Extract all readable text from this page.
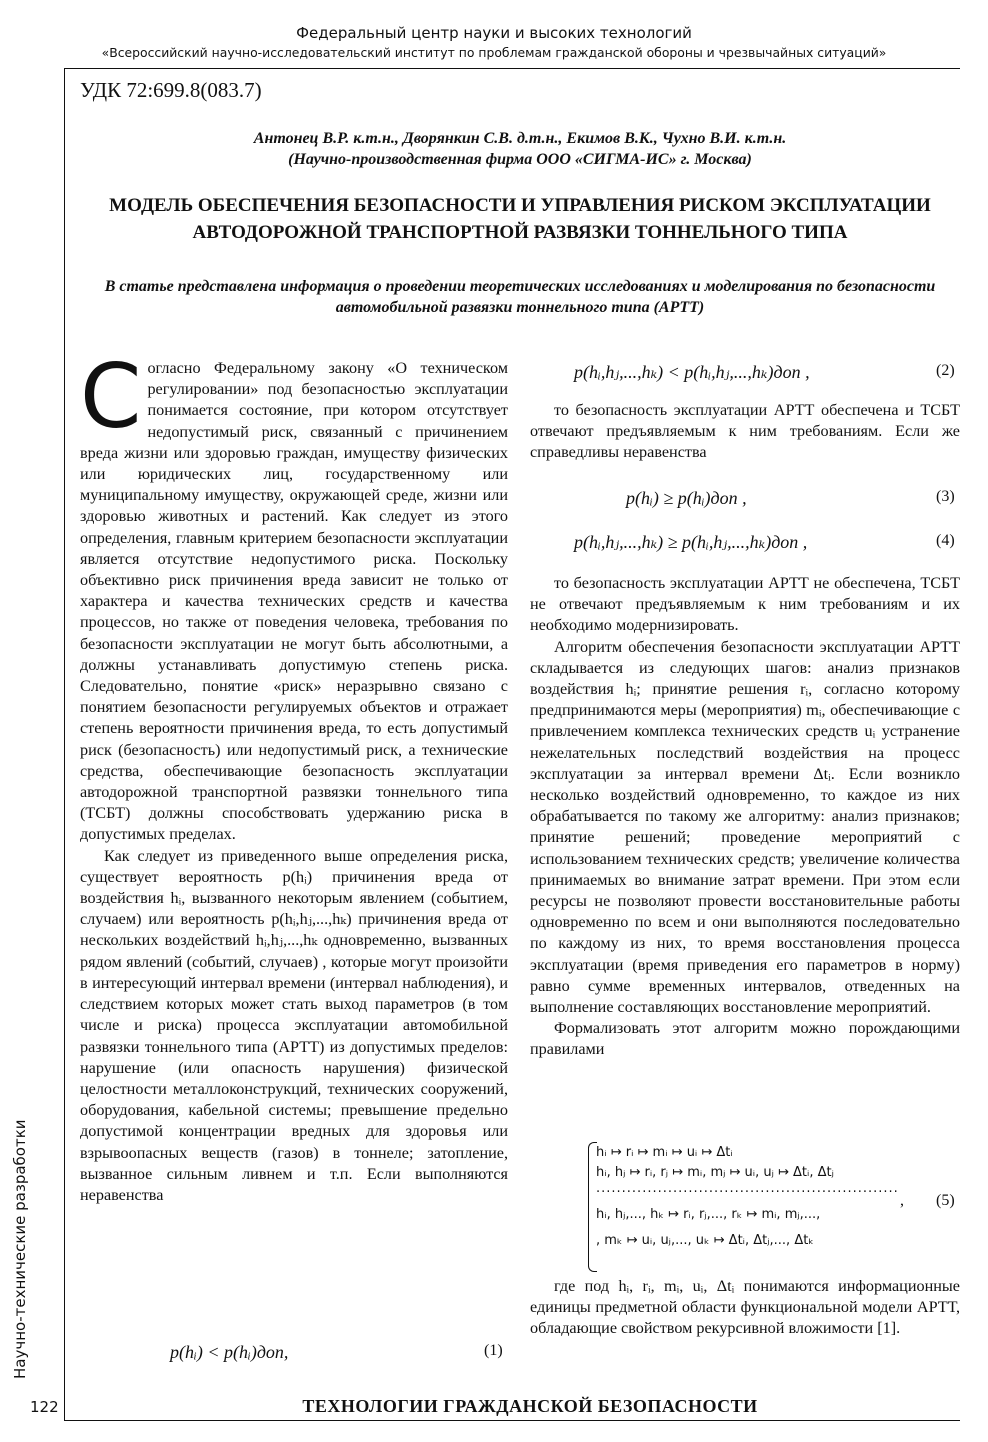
Федеральный центр науки и высоких технологий
«Всероссийский научно-исследовательский институт по проблемам гражданской обороны и чрезвычайных ситуаций»
УДК 72:699.8(083.7)
Антонец В.Р. к.т.н., Дворянкин С.В. д.т.н., Екимов В.К., Чухно В.И. к.т.н.
(Научно-производственная фирма ООО «СИГМА-ИС» г. Москва)
МОДЕЛЬ ОБЕСПЕЧЕНИЯ БЕЗОПАСНОСТИ И УПРАВЛЕНИЯ РИСКОМ ЭКСПЛУАТАЦИИ
АВТОДОРОЖНОЙ ТРАНСПОРТНОЙ РАЗВЯЗКИ ТОННЕЛЬНОГО ТИПА
В статье представлена информация о проведении теоретических исследованиях и моделирования по безопасности автомобильной развязки тоннельного типа (АРТТ)

Согласно Федеральному закону «О техническом регулировании» под безопасностью эксплуатации понимается состояние, при котором отсутствует недопустимый риск, связанный с причинением вреда жизни или здоровью граждан, имуществу физических или юридических лиц, государственному или муниципальному имуществу, окружающей среде, жизни или здоровью животных и растений. Как следует из этого определения, главным критерием безопасности эксплуатации является отсутствие недопустимого риска. Поскольку объективно риск причинения вреда зависит не только от характера и качества технических средств и качества процессов, но также от поведения человека, требования по безопасности эксплуатации не могут быть абсолютными, а должны устанавливать допустимую степень риска. Следовательно, понятие «риск» неразрывно связано с понятием безопасности регулируемых объектов и отражает степень вероятности причинения вреда, то есть допустимый риск (безопасность) или недопустимый риск, а технические средства, обеспечивающие безопасность эксплуатации автодорожной транспортной развязки тоннельного типа (ТСБТ) должны способствовать удержанию риска в допустимых пределах.

Как следует из приведенного выше определения риска, существует вероятность p(hᵢ) причинения вреда от воздействия hᵢ, вызванного некоторым явлением (событием, случаем) или вероятность p(hᵢ,hⱼ,...,hₖ) причинения вреда от нескольких воздействий hᵢ,hⱼ,...,hₖ одновременно, вызванных рядом явлений (событий, случаев) , которые могут произойти в интересующий интервал времени (интервал наблюдения), и следствием которых может стать выход параметров (в том числе и риска) процесса эксплуатации автомобильной развязки тоннельного типа (АРТТ) из допустимых пределов: нарушение (или опасность нарушения) физической целостности металлоконструкций, технических сооружений, оборудования, кабельной системы; превышение предельно допустимой концентрации вредных для здоровья или взрывоопасных веществ (газов) в тоннеле; затопление, вызванное сильным ливнем и т.п. Если выполняются неравенства

p(hᵢ) < p(hᵢ)доп,	(1)
p(hᵢ,hⱼ,...,hₖ) < p(hᵢ,hⱼ,...,hₖ)доп ,	(2)

то безопасность эксплуатации АРТТ обеспечена и ТСБТ отвечают предъявляемым к ним требованиям. Если же справедливы неравенства

p(hᵢ) ≥ p(hᵢ)доп ,	(3)
p(hᵢ,hⱼ,...,hₖ) ≥ p(hᵢ,hⱼ,...,hₖ)доп ,	(4)

то безопасность эксплуатации АРТТ не обеспечена, ТСБТ не отвечают предъявляемым к ним требованиям и их необходимо модернизировать.

Алгоритм обеспечения безопасности эксплуатации АРТТ складывается из следующих шагов: анализ признаков воздействия hᵢ; принятие решения rᵢ, согласно которому предпринимаются меры (мероприятия) mᵢ, обеспечивающие с привлечением комплекса технических средств uᵢ устранение нежелательных последствий воздействия на процесс эксплуатации за интервал времени Δtᵢ. Если возникло несколько воздействий одновременно, то каждое из них обрабатывается по такому же алгоритму: анализ признаков; принятие решений; проведение мероприятий с использованием технических средств; увеличение количества принимаемых во внимание затрат времени. При этом если ресурсы не позволяют провести восстановительные работы одновременно по всем и они выполняются последовательно по каждому из них, то время восстановления процесса эксплуатации (время приведения его параметров в норму) равно сумме временных интервалов, отведенных на выполнение составляющих восстановление мероприятий.

Формализовать этот алгоритм можно порождающими правилами

hᵢ ↦ rᵢ ↦ mᵢ ↦ uᵢ ↦ Δtᵢ
hᵢ, hⱼ ↦ rᵢ, rⱼ ↦ mᵢ, mⱼ ↦ uᵢ, uⱼ ↦ Δtᵢ, Δtⱼ
...........................................................
hᵢ, hⱼ,..., hₖ ↦ rᵢ, rⱼ,..., rₖ ↦ mᵢ, mⱼ,...,
, mₖ ↦ uᵢ, uⱼ,..., uₖ ↦ Δtᵢ, Δtⱼ,..., Δtₖ
, (5)

где под hᵢ, rᵢ, mᵢ, uᵢ, Δtᵢ понимаются информационные единицы предметной области функциональной модели АРТТ, обладающие свойством рекурсивной вложимости [1].

Научно-технические разработки
122	ТЕХНОЛОГИИ ГРАЖДАНСКОЙ БЕЗОПАСНОСТИ
